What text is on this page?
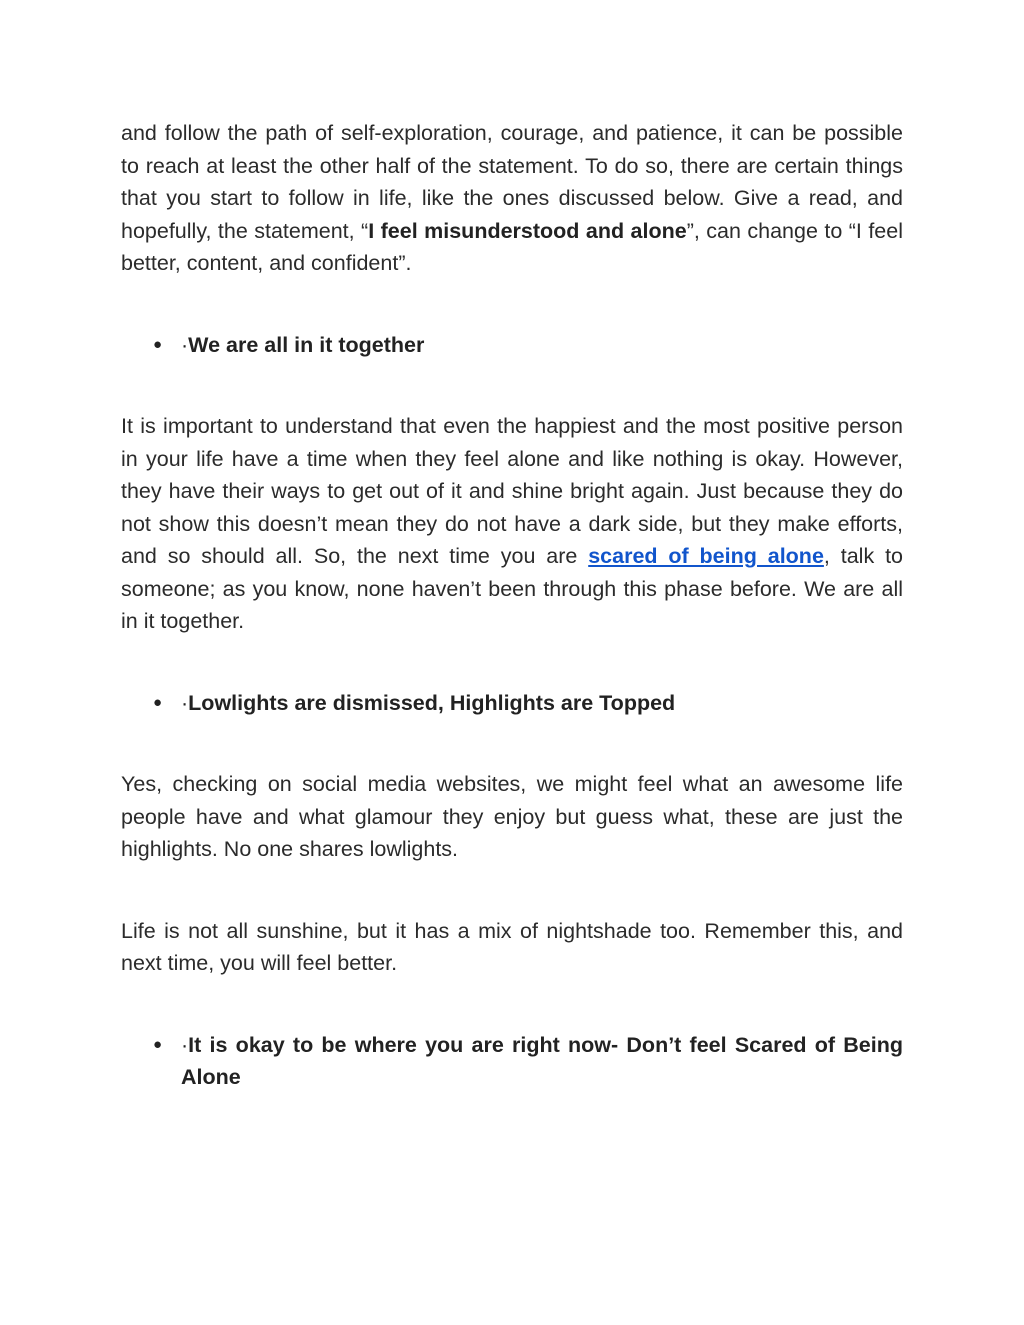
and follow the path of self-exploration, courage, and patience, it can be possible to reach at least the other half of the statement. To do so, there are certain things that you start to follow in life, like the ones discussed below. Give a read, and hopefully, the statement, “I feel misunderstood and alone”, can change to “I feel better, content, and confident”.

● ·We are all in it together

It is important to understand that even the happiest and the most positive person in your life have a time when they feel alone and like nothing is okay. However, they have their ways to get out of it and shine bright again. Just because they do not show this doesn’t mean they do not have a dark side, but they make efforts, and so should all. So, the next time you are scared of being alone, talk to someone; as you know, none haven’t been through this phase before. We are all in it together.

● ·Lowlights are dismissed, Highlights are Topped

Yes, checking on social media websites, we might feel what an awesome life people have and what glamour they enjoy but guess what, these are just the highlights. No one shares lowlights.

Life is not all sunshine, but it has a mix of nightshade too. Remember this, and next time, you will feel better.

● ·It is okay to be where you are right now- Don’t feel Scared of Being Alone
